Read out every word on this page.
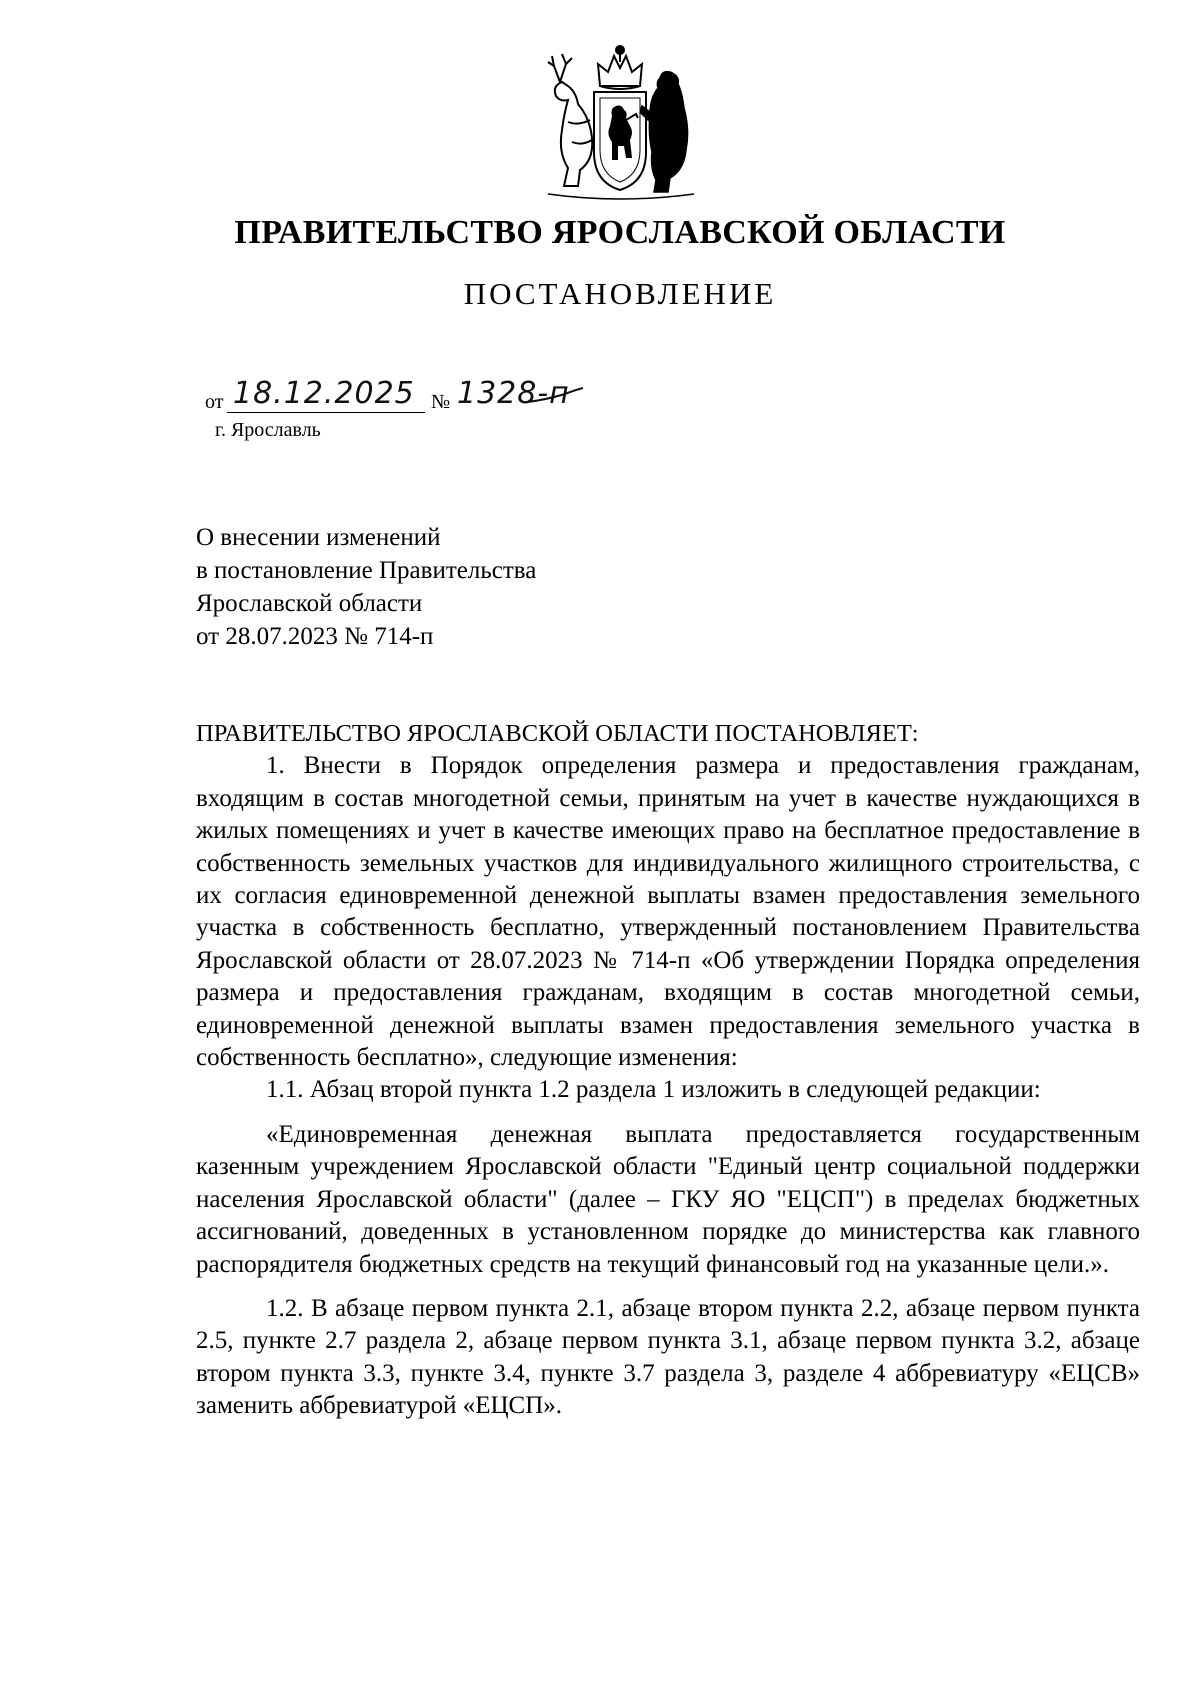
ПРАВИТЕЛЬСТВО ЯРОСЛАВСКОЙ ОБЛАСТИ
ПОСТАНОВЛЕНИЕ
от 18.12.2025 № 1328-п
г. Ярославль
О внесении изменений
в постановление Правительства
Ярославской области
от 28.07.2023 № 714-п
ПРАВИТЕЛЬСТВО ЯРОСЛАВСКОЙ ОБЛАСТИ ПОСТАНОВЛЯЕТ:

1. Внести в Порядок определения размера и предоставления гражданам, входящим в состав многодетной семьи, принятым на учет в качестве нуждающихся в жилых помещениях и учет в качестве имеющих право на бесплатное предоставление в собственность земельных участков для индивидуального жилищного строительства, с их согласия единовременной денежной выплаты взамен предоставления земельного участка в собственность бесплатно, утвержденный постановлением Правительства Ярославской области от 28.07.2023 № 714-п «Об утверждении Порядка определения размера и предоставления гражданам, входящим в состав многодетной семьи, единовременной денежной выплаты взамен предоставления земельного участка в собственность бесплатно», следующие изменения:

1.1. Абзац второй пункта 1.2 раздела 1 изложить в следующей редакции:

«Единовременная денежная выплата предоставляется государственным казенным учреждением Ярославской области "Единый центр социальной поддержки населения Ярославской области" (далее – ГКУ ЯО "ЕЦСП") в пределах бюджетных ассигнований, доведенных в установленном порядке до министерства как главного распорядителя бюджетных средств на текущий финансовый год на указанные цели.».

1.2. В абзаце первом пункта 2.1, абзаце втором пункта 2.2, абзаце первом пункта 2.5, пункте 2.7 раздела 2, абзаце первом пункта 3.1, абзаце первом пункта 3.2, абзаце втором пункта 3.3, пункте 3.4, пункте 3.7 раздела 3, разделе 4 аббревиатуру «ЕЦСВ» заменить аббревиатурой «ЕЦСП».
